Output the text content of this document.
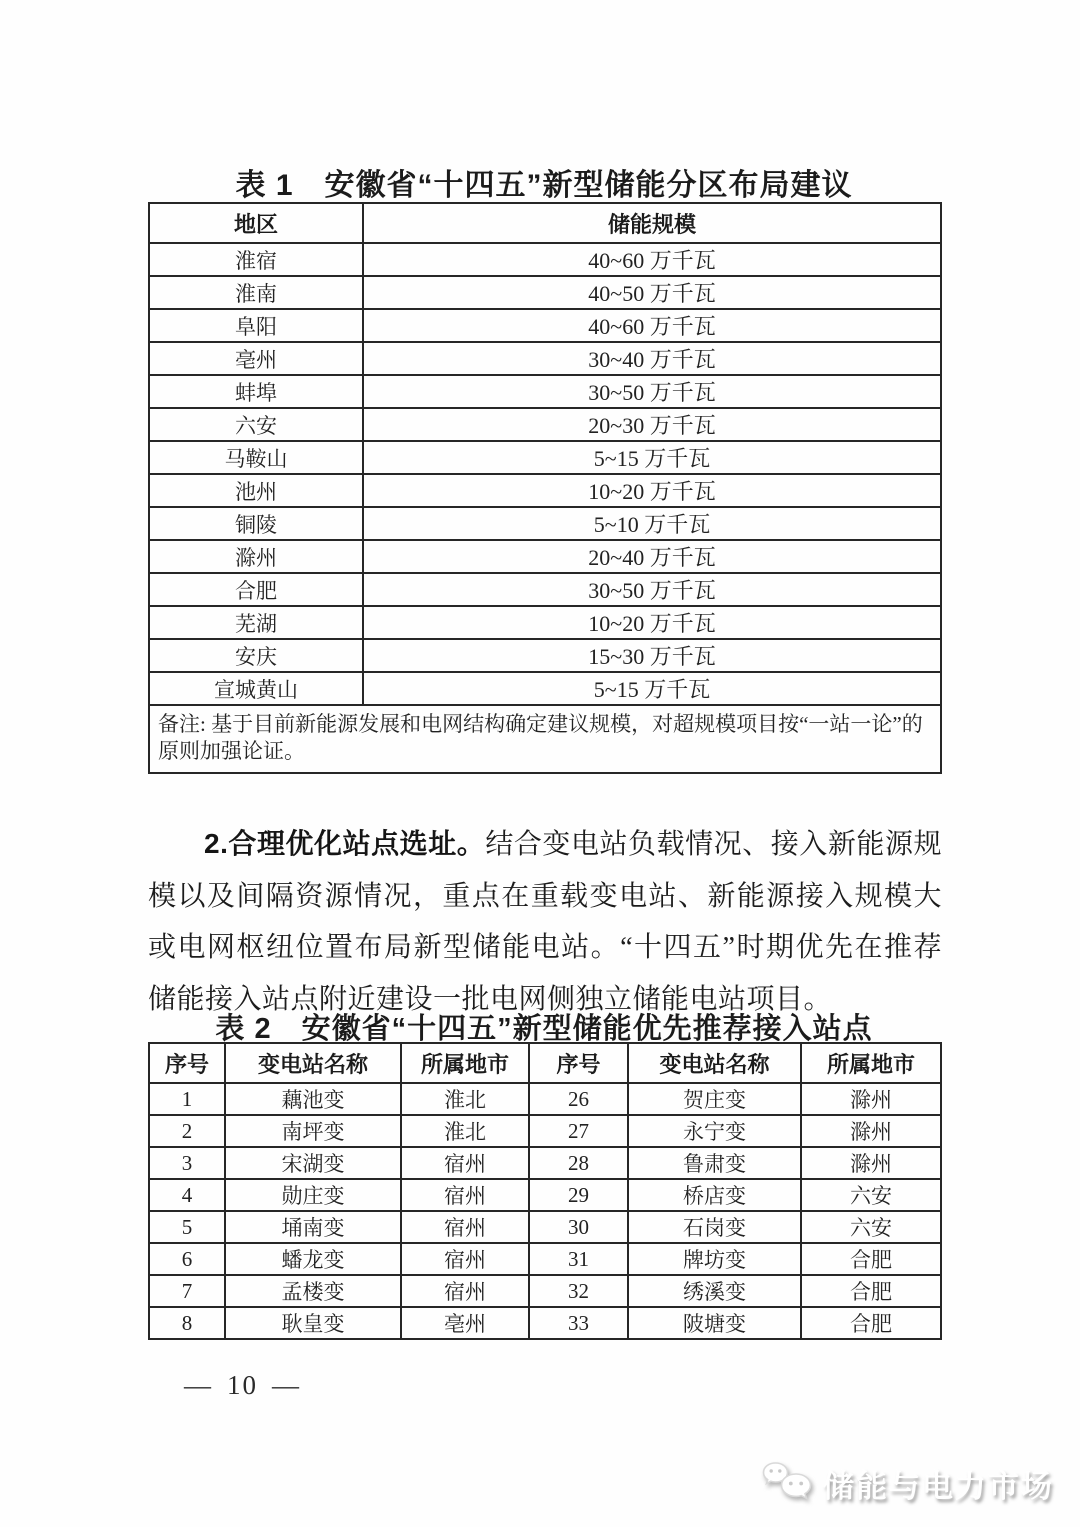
表 1　安徽省“十四五”新型储能分区布局建议
地区	储能规模
淮宿	40~60 万千瓦
淮南	40~50 万千瓦
阜阳	40~60 万千瓦
亳州	30~40 万千瓦
蚌埠	30~50 万千瓦
六安	20~30 万千瓦
马鞍山	5~15 万千瓦
池州	10~20 万千瓦
铜陵	5~10 万千瓦
滁州	20~40 万千瓦
合肥	30~50 万千瓦
芜湖	10~20 万千瓦
安庆	15~30 万千瓦
宣城黄山	5~15 万千瓦
备注: 基于目前新能源发展和电网结构确定建议规模，对超规模项目按“一站一论”的原则加强论证。	

2.合理优化站点选址。结合变电站负载情况、接入新能源规模以及间隔资源情况，重点在重载变电站、新能源接入规模大或电网枢纽位置布局新型储能电站。“十四五”时期优先在推荐储能接入站点附近建设一批电网侧独立储能电站项目。

表 2　安徽省“十四五”新型储能优先推荐接入站点
序号	变电站名称	所属地市	序号	变电站名称	所属地市
1	藕池变	淮北	26	贺庄变	滁州
2	南坪变	淮北	27	永宁变	滁州
3	宋湖变	宿州	28	鲁肃变	滁州
4	勋庄变	宿州	29	桥店变	六安
5	埇南变	宿州	30	石岗变	六安
6	蟠龙变	宿州	31	牌坊变	合肥
7	孟楼变	宿州	32	绣溪变	合肥
8	耿皇变	亳州	33	陂塘变	合肥
— 10 —
储能与电力市场
